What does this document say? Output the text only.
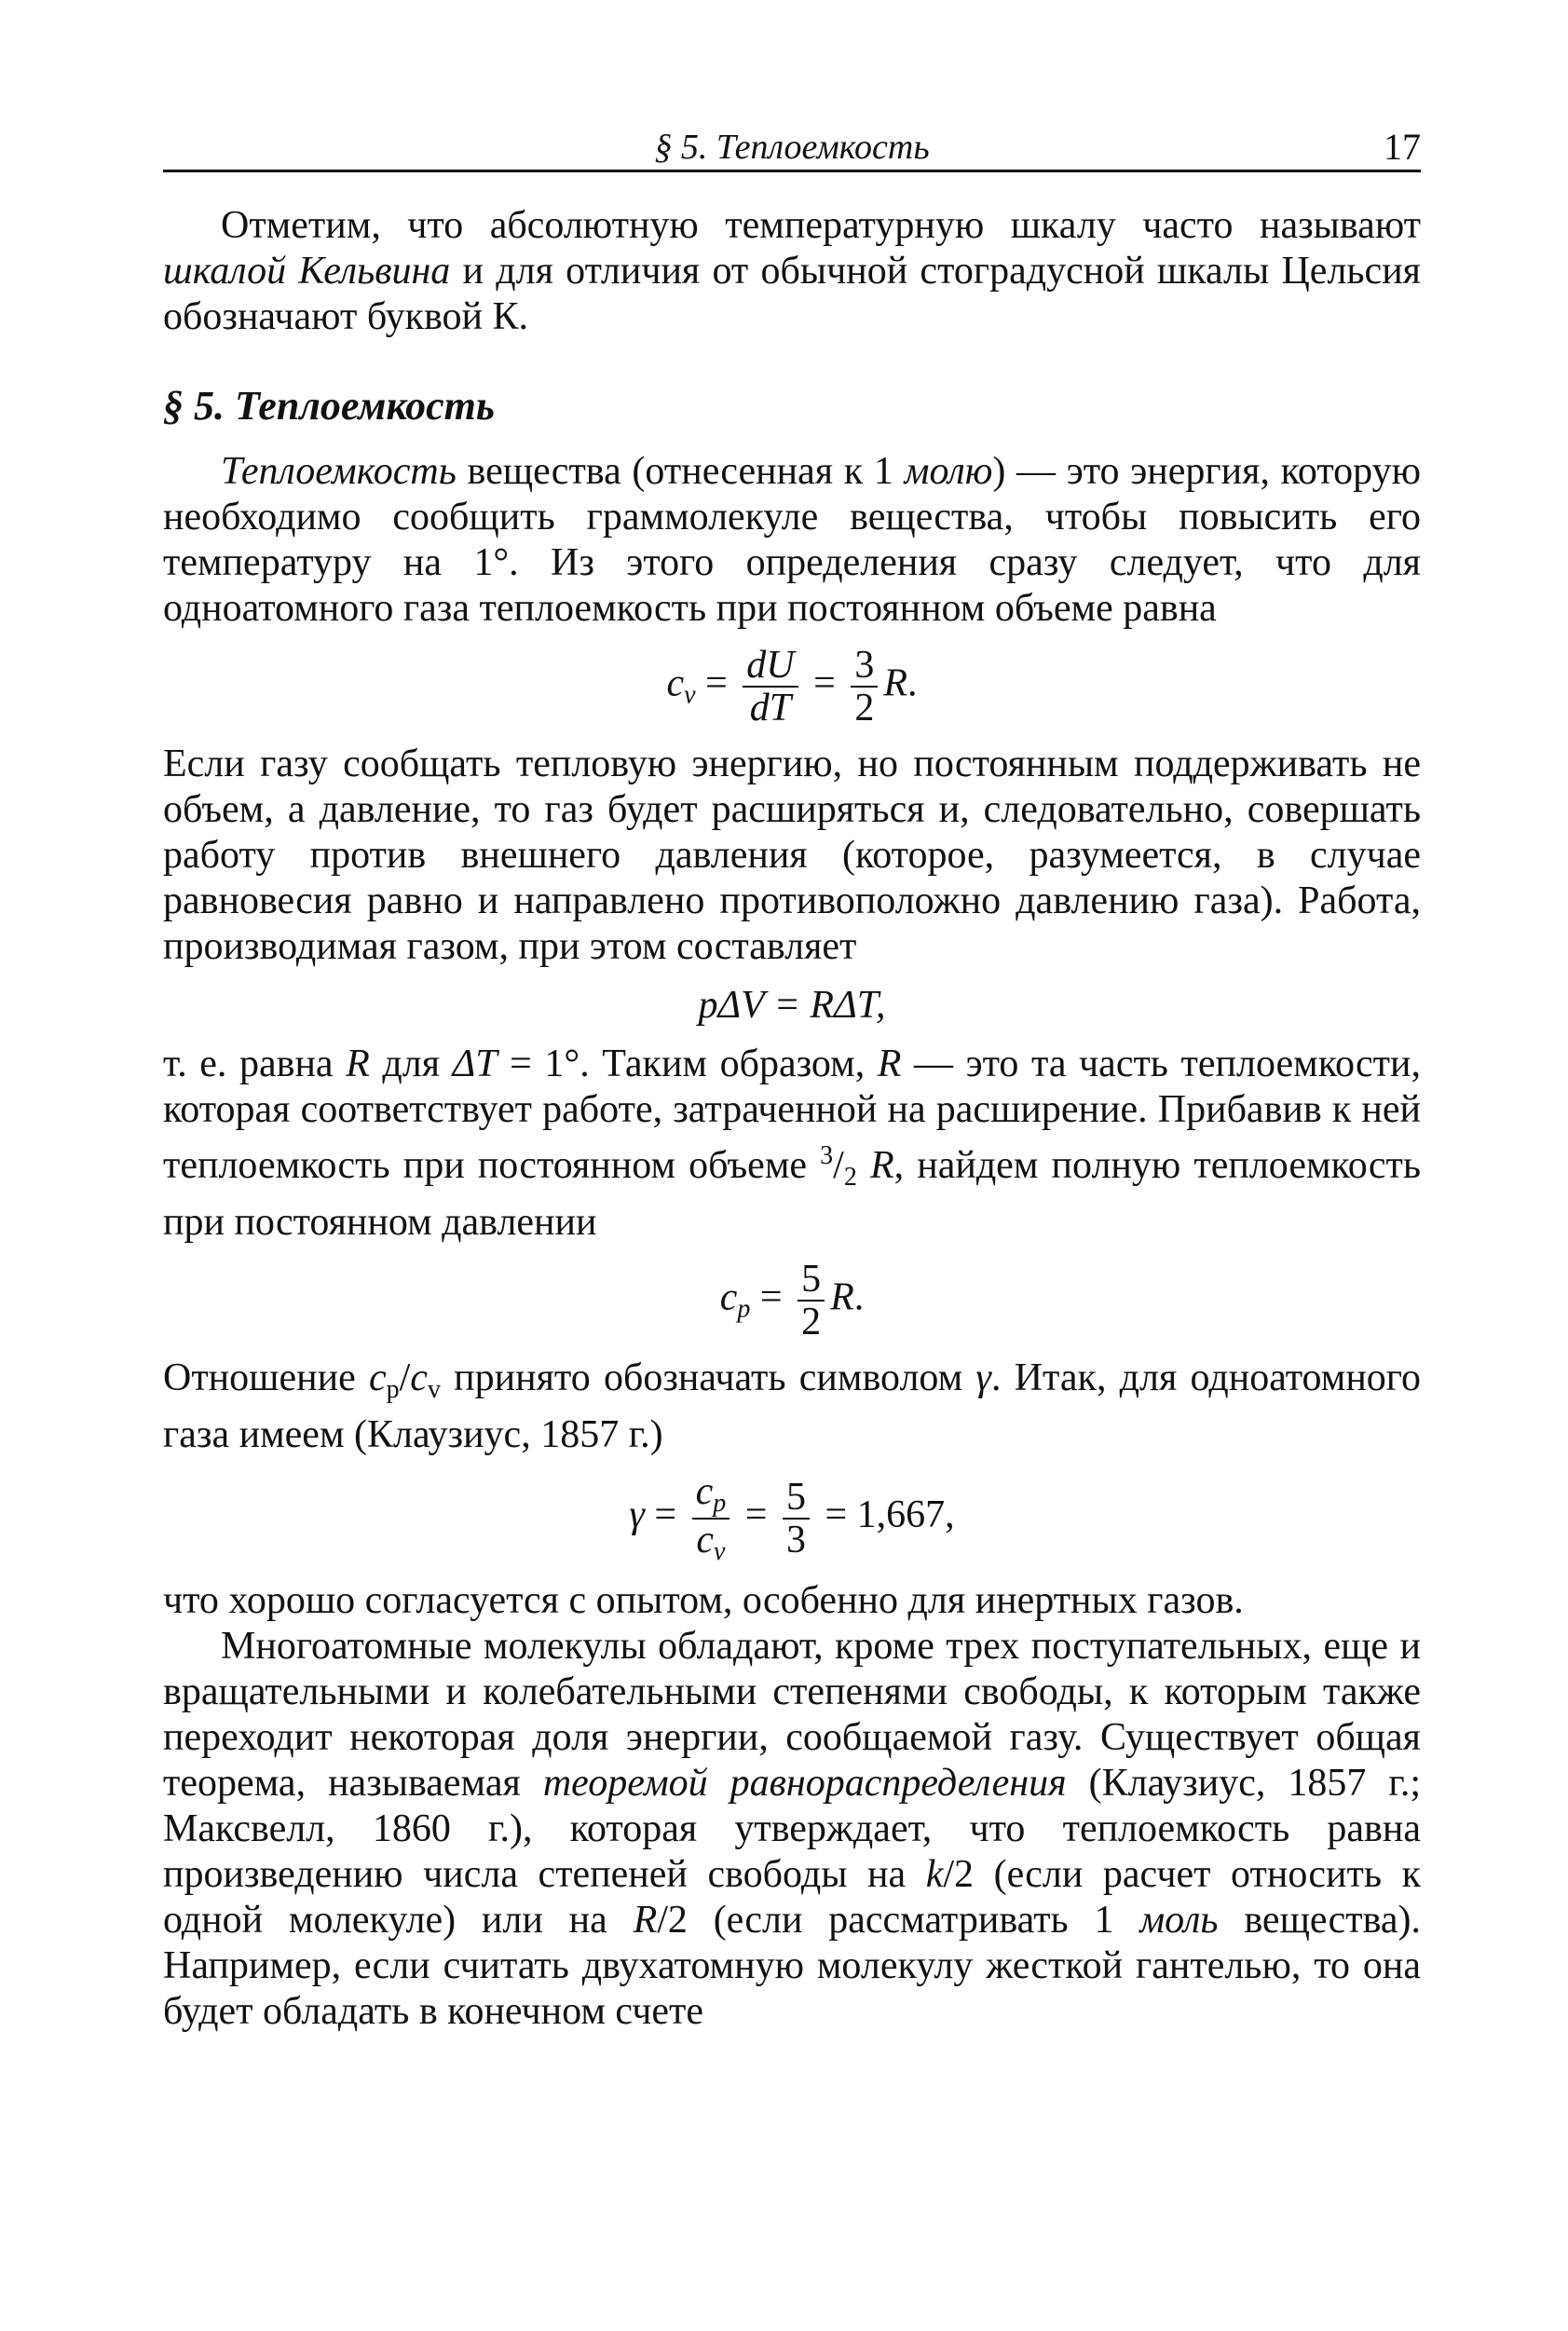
§ 5. Теплоемкость	17

Отметим, что абсолютную температурную шкалу часто называют шкалой Кельвина и для отличия от обычной стоградусной шкалы Цельсия обозначают буквой К.

§ 5. Теплоемкость

Теплоемкость вещества (отнесенная к 1 молю) — это энергия, которую необходимо сообщить граммолекуле вещества, чтобы повысить его температуру на 1°. Из этого определения сразу следует, что для одноатомного газа теплоемкость при постоянном объеме равна

$c_v = \frac{dU}{dT} = \frac{3}{2} R$.

Если газу сообщать тепловую энергию, но постоянным поддерживать не объем, а давление, то газ будет расширяться и, следовательно, совершать работу против внешнего давления (которое, разумеется, в случае равновесия равно и направлено противоположно давлению газа). Работа, производимая газом, при этом составляет

pΔV = RΔT,

т. е. равна R для ΔT = 1°. Таким образом, R — это та часть теплоемкости, которая соответствует работе, затраченной на расширение. Прибавив к ней теплоемкость при постоянном объеме $^3/_2$ R, найдем полную теплоемкость при постоянном давлении

$c_p = \frac{5}{2} R$.

Отношение $c_p/c_v$ принято обозначать символом γ. Итак, для одноатомного газа имеем (Клаузиус, 1857 г.)

$\gamma = \frac{c_p}{c_v} = \frac{5}{3} = 1,667$,

что хорошо согласуется с опытом, особенно для инертных газов.

Многоатомные молекулы обладают, кроме трех поступательных, еще и вращательными и колебательными степенями свободы, к которым также переходит некоторая доля энергии, сообщаемой газу. Существует общая теорема, называемая теоремой равнораспределения (Клаузиус, 1857 г.; Максвелл, 1860 г.), которая утверждает, что теплоемкость равна произведению числа степеней свободы на k/2 (если расчет относить к одной молекуле) или на R/2 (если рассматривать 1 моль вещества). Например, если считать двухатомную молекулу жесткой гантелью, то она будет обладать в конечном счете
